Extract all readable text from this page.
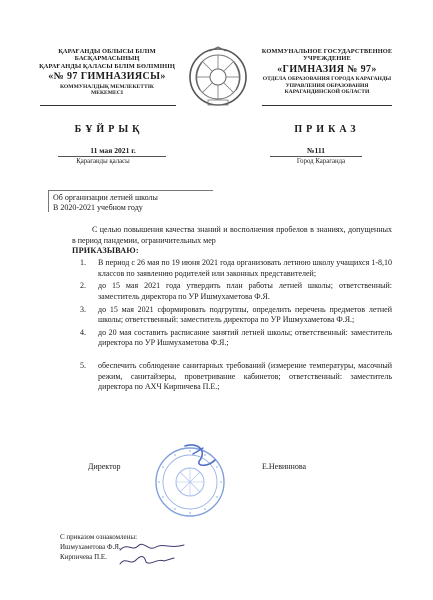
ҚАРАҒАНДЫ ОБЛЫСЫ БІЛІМ БАСҚАРМАСЫНЫҢ
ҚАРАҒАНДЫ ҚАЛАСЫ БІЛІМ БӨЛІМІНІҢ
«№ 97 ГИМНАЗИЯСЫ»
КОММУНАЛДЫҚ МЕМЛЕКЕТТІК
МЕКЕМЕСІ
КОММУНАЛЬНОЕ ГОСУДАРСТВЕННОЕ
УЧРЕЖДЕНИЕ
«ГИМНАЗИЯ № 97»
ОТДЕЛА ОБРАЗОВАНИЯ ГОРОДА КАРАГАНДЫ
УПРАВЛЕНИЯ ОБРАЗОВАНИЯ
КАРАГАНДИНСКОЙ ОБЛАСТИ
БҰЙРЫҚ	ПРИКАЗ
11 мая 2021 г.	№111
Қарағанды қаласы	Город Караганда
Об организации летней школы
В 2020-2021 учебном году
С целью повышения качества знаний и восполнения пробелов в знаниях, допущенных в период пандемии, ограничительных мер
ПРИКАЗЫВАЮ:
1. В период с 26 мая по 19 июня 2021 года организовать летнюю школу учащихся 1-8,10 классов по заявлению родителей или законных представителей;
2. до 15 мая 2021 года утвердить план работы летней школы; ответственный: заместитель директора по УР Ишмухаметова Ф.Я.
3. до 15 мая 2021 сформировать подгруппы, определить перечень предметов летней школы; ответственный: заместитель директора по УР Ишмухаметова Ф.Я.;
4. до 20 мая составить расписание занятий летней школы; ответственный: заместитель директора по УР Ишмухаметова Ф.Я.;
5. обеспечить соблюдение санитарных требований (измерение температуры, масочный режим, санитайзеры, проветривание кабинетов; ответственный: заместитель директора по АХЧ Кирпичева П.Е.;
Директор	Е.Невиннова
С приказом ознакомлены:
Ишмухаметова Ф.Я.
Кирпичева П.Е.
